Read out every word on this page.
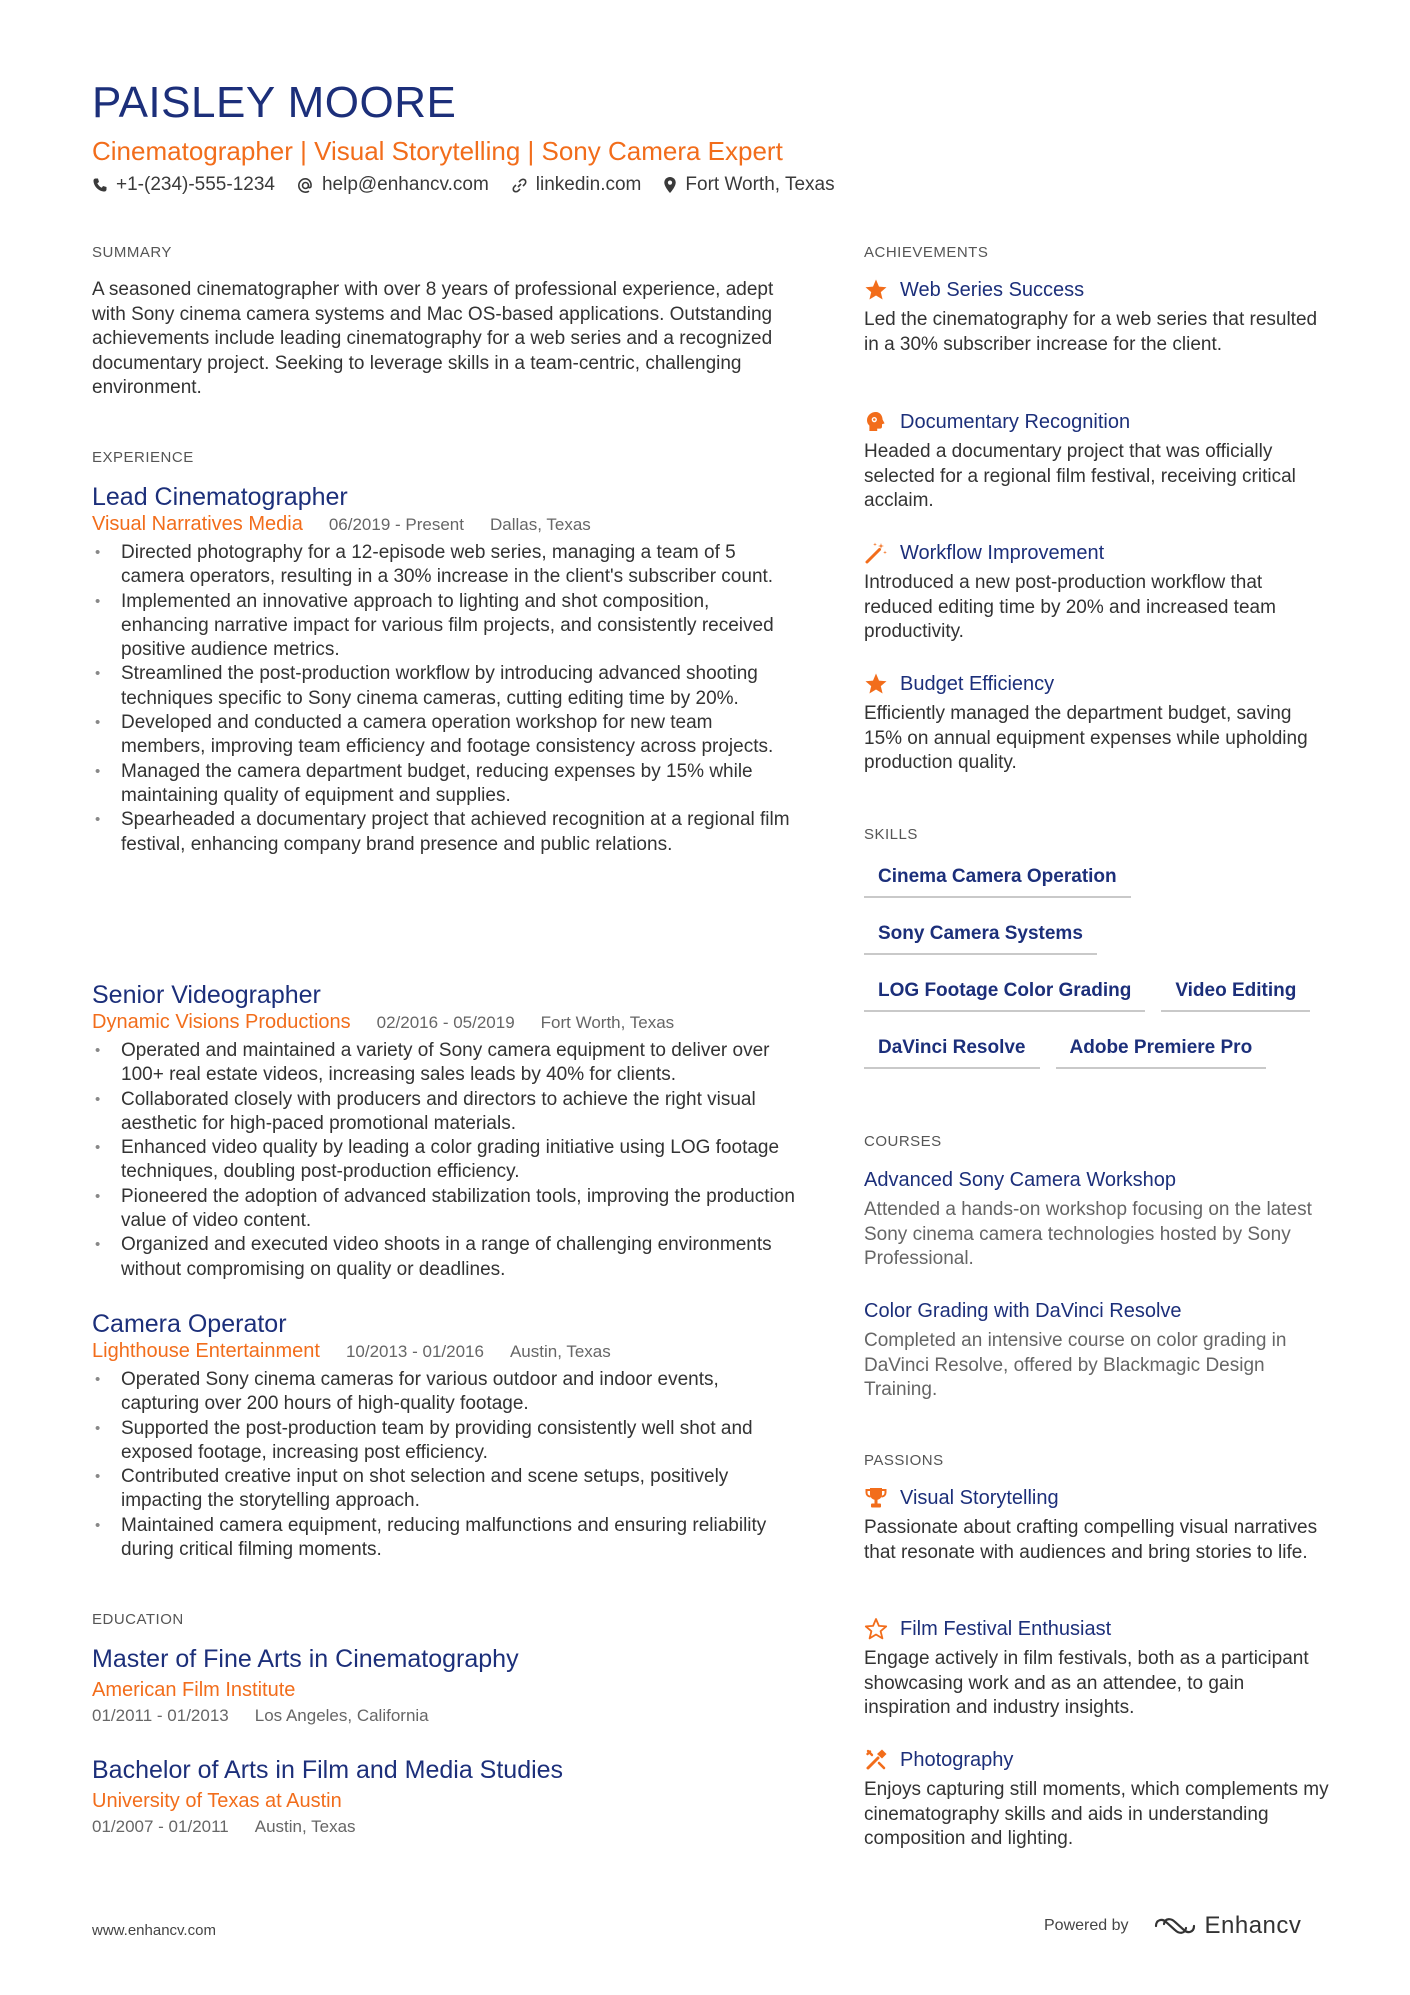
PAISLEY MOORE
Cinematographer | Visual Storytelling | Sony Camera Expert
+1-(234)-555-1234 help@enhancv.com linkedin.com Fort Worth, Texas
SUMMARY

A seasoned cinematographer with over 8 years of professional experience, adept with Sony cinema camera systems and Mac OS-based applications. Outstanding achievements include leading cinematography for a web series and a recognized documentary project. Seeking to leverage skills in a team-centric, challenging environment.

EXPERIENCE
Lead Cinematographer
Visual Narratives Media 06/2019 - Present Dallas, Texas
• Directed photography for a 12-episode web series, managing a team of 5 camera operators, resulting in a 30% increase in the client's subscriber count.
• Implemented an innovative approach to lighting and shot composition, enhancing narrative impact for various film projects, and consistently received positive audience metrics.
• Streamlined the post-production workflow by introducing advanced shooting techniques specific to Sony cinema cameras, cutting editing time by 20%.
• Developed and conducted a camera operation workshop for new team members, improving team efficiency and footage consistency across projects.
• Managed the camera department budget, reducing expenses by 15% while maintaining quality of equipment and supplies.
• Spearheaded a documentary project that achieved recognition at a regional film festival, enhancing company brand presence and public relations.
Senior Videographer
Dynamic Visions Productions 02/2016 - 05/2019 Fort Worth, Texas
• Operated and maintained a variety of Sony camera equipment to deliver over 100+ real estate videos, increasing sales leads by 40% for clients.
• Collaborated closely with producers and directors to achieve the right visual aesthetic for high-paced promotional materials.
• Enhanced video quality by leading a color grading initiative using LOG footage techniques, doubling post-production efficiency.
• Pioneered the adoption of advanced stabilization tools, improving the production value of video content.
• Organized and executed video shoots in a range of challenging environments without compromising on quality or deadlines.
Camera Operator
Lighthouse Entertainment 10/2013 - 01/2016 Austin, Texas
• Operated Sony cinema cameras for various outdoor and indoor events, capturing over 200 hours of high-quality footage.
• Supported the post-production team by providing consistently well shot and exposed footage, increasing post efficiency.
• Contributed creative input on shot selection and scene setups, positively impacting the storytelling approach.
• Maintained camera equipment, reducing malfunctions and ensuring reliability during critical filming moments.
EDUCATION
Master of Fine Arts in Cinematography
American Film Institute
01/2011 - 01/2013 Los Angeles, California
Bachelor of Arts in Film and Media Studies
University of Texas at Austin
01/2007 - 01/2011 Austin, Texas
ACHIEVEMENTS
Web Series Success
Led the cinematography for a web series that resulted in a 30% subscriber increase for the client.
Documentary Recognition
Headed a documentary project that was officially selected for a regional film festival, receiving critical acclaim.
Workflow Improvement
Introduced a new post-production workflow that reduced editing time by 20% and increased team productivity.
Budget Efficiency
Efficiently managed the department budget, saving 15% on annual equipment expenses while upholding production quality.
SKILLS
Cinema Camera Operation
Sony Camera Systems
LOG Footage Color Grading	Video Editing
DaVinci Resolve	Adobe Premiere Pro
COURSES
Advanced Sony Camera Workshop
Attended a hands-on workshop focusing on the latest Sony cinema camera technologies hosted by Sony Professional.
Color Grading with DaVinci Resolve
Completed an intensive course on color grading in DaVinci Resolve, offered by Blackmagic Design Training.
PASSIONS
Visual Storytelling
Passionate about crafting compelling visual narratives that resonate with audiences and bring stories to life.
Film Festival Enthusiast
Engage actively in film festivals, both as a participant showcasing work and as an attendee, to gain inspiration and industry insights.
Photography
Enjoys capturing still moments, which complements my cinematography skills and aids in understanding composition and lighting.
www.enhancv.com	Powered by	Enhancv
